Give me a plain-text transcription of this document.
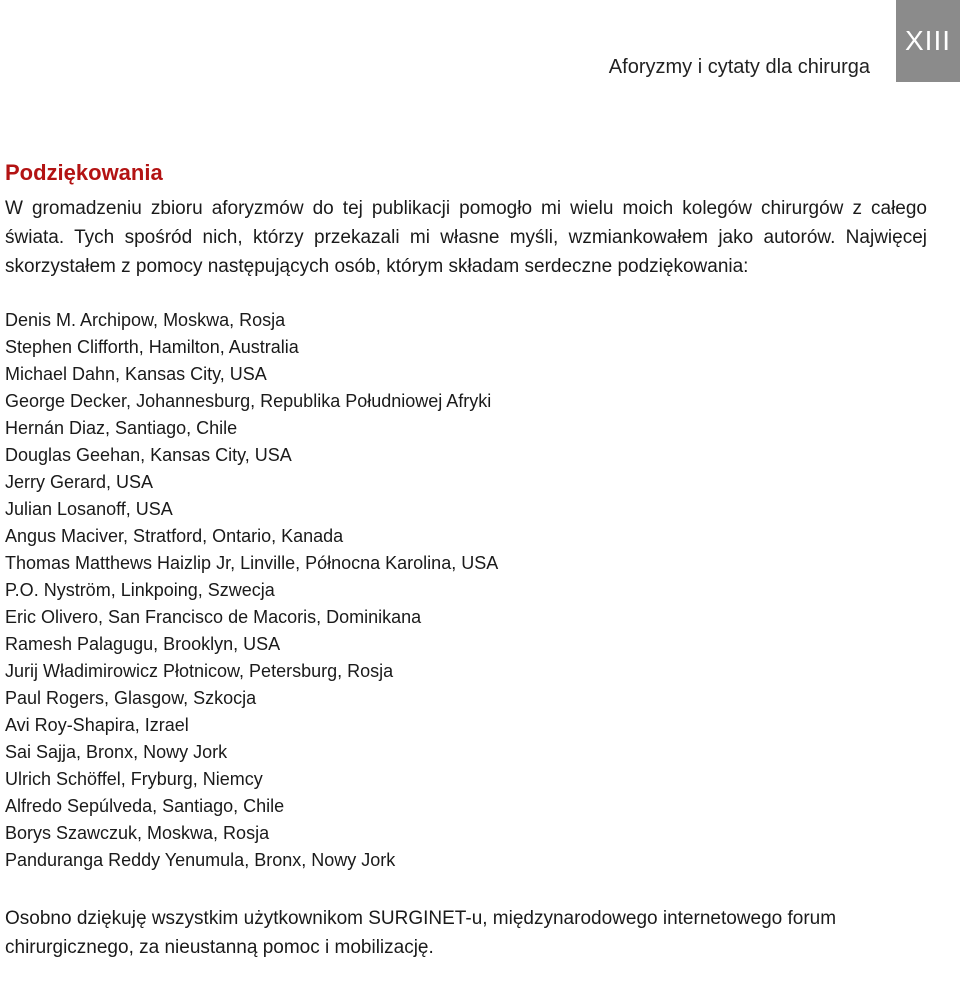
Aforyzmy i cytaty dla chirurga
XIII
Podziękowania

W gromadzeniu zbioru aforyzmów do tej publikacji pomogło mi wielu moich kolegów chirurgów z całego świata. Tych spośród nich, którzy przekazali mi własne myśli, wzmiankowałem jako autorów. Najwięcej skorzystałem z pomocy następujących osób, którym składam serdeczne podziękowania:

Denis M. Archipow, Moskwa, Rosja
Stephen Clifforth, Hamilton, Australia
Michael Dahn, Kansas City, USA
George Decker, Johannesburg, Republika Południowej Afryki
Hernán Diaz, Santiago, Chile
Douglas Geehan, Kansas City, USA
Jerry Gerard, USA
Julian Losanoff, USA
Angus Maciver, Stratford, Ontario, Kanada
Thomas Matthews Haizlip Jr, Linville, Północna Karolina, USA
P.O. Nyström, Linkpoing, Szwecja
Eric Olivero, San Francisco de Macoris, Dominikana
Ramesh Palagugu, Brooklyn, USA
Jurij Władimirowicz Płotnicow, Petersburg, Rosja
Paul Rogers, Glasgow, Szkocja
Avi Roy-Shapira, Izrael
Sai Sajja, Bronx, Nowy Jork
Ulrich Schöffel, Fryburg, Niemcy
Alfredo Sepúlveda, Santiago, Chile
Borys Szawczuk, Moskwa, Rosja
Panduranga Reddy Yenumula, Bronx, Nowy Jork

Osobno dziękuję wszystkim użytkownikom SURGINET-u, międzynarodowego internetowego forum chirurgicznego, za nieustanną pomoc i mobilizację.
